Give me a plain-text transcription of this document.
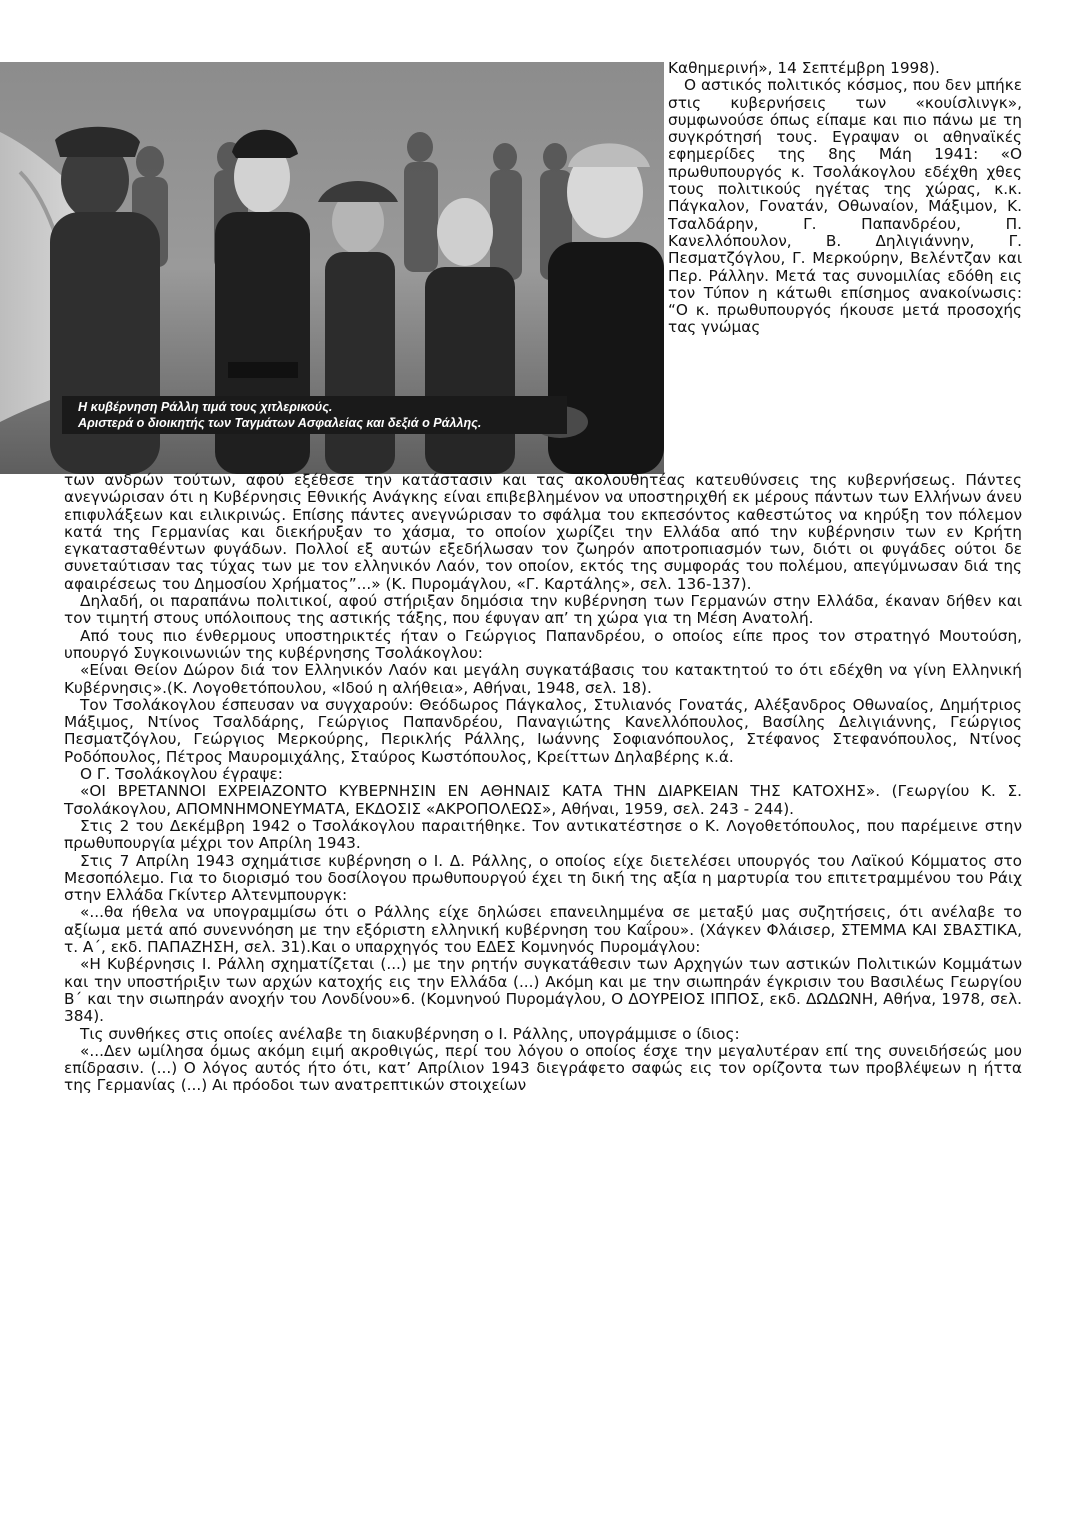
Η κυβέρνηση Ράλλη τιμά τους χιτλερικούς.
Αριστερά ο διοικητής των Ταγμάτων Ασφαλείας και δεξιά ο Ράλλης.

Καθημερινή», 14 Σεπτέμβρη 1998).

Ο αστικός πολιτικός κόσμος, που δεν μπήκε στις κυβερνήσεις των «κουίσλινγκ», συμφωνούσε όπως είπαμε και πιο πάνω με τη συγκρότησή τους. Εγραψαν οι αθηναϊκές εφημερίδες της 8ης Μάη 1941: «Ο πρωθυπουργός κ. Τσολάκογλου εδέχθη χθες τους πολιτικούς ηγέτας της χώρας, κ.κ. Πάγκαλον, Γονατάν, Οθωναίον, Μάξιμον, Κ. Τσαλδάρην, Γ. Παπανδρέου, Π. Κανελλόπουλον, Β. Δηλιγιάννην, Γ. Πεσματζόγλου, Γ. Μερκούρην, Βελέντζαν και Περ. Ράλλην. Μετά τας συνομιλίας εδόθη εις τον Τύπον η κάτωθι επίσημος ανακοίνωσις: “Ο κ. πρωθυπουργός ήκουσε μετά προσοχής τας γνώμας

των ανδρών τούτων, αφού εξέθεσε την κατάστασιν και τας ακολουθητέας κατευθύνσεις της κυβερνήσεως. Πάντες ανεγνώρισαν ότι η Κυβέρνησις Εθνικής Ανάγκης είναι επιβεβλημένον να υποστηριχθή εκ μέρους πάντων των Ελλήνων άνευ επιφυλάξεων και ειλικρινώς. Επίσης πάντες ανεγνώρισαν το σφάλμα του εκπεσόντος καθεστώτος να κηρύξη τον πόλεμον κατά της Γερμανίας και διεκήρυξαν το χάσμα, το οποίον χωρίζει την Ελλάδα από την κυβέρνησιν των εν Κρήτη εγκατασταθέντων φυγάδων. Πολλοί εξ αυτών εξεδήλωσαν τον ζωηρόν αποτροπιασμόν των, διότι οι φυγάδες ούτοι δε συνεταύτισαν τας τύχας των με τον ελληνικόν Λαόν, τον οποίον, εκτός της συμφοράς του πολέμου, απεγύμνωσαν διά της αφαιρέσεως του Δημοσίου Χρήματος”...» (Κ. Πυρομάγλου, «Γ. Καρτάλης», σελ. 136-137).

Δηλαδή, οι παραπάνω πολιτικοί, αφού στήριξαν δημόσια την κυβέρνηση των Γερμανών στην Ελλάδα, έκαναν δήθεν και τον τιμητή στους υπόλοιπους της αστικής τάξης, που έφυγαν απ’ τη χώρα για τη Μέση Ανατολή.

Από τους πιο ένθερμους υποστηρικτές ήταν ο Γεώργιος Παπανδρέου, ο οποίος είπε προς τον στρατηγό Μουτούση, υπουργό Συγκοινωνιών της κυβέρνησης Τσολάκογλου:

«Είναι Θείον Δώρον διά τον Ελληνικόν Λαόν και μεγάλη συγκατάβασις του κατακτητού το ότι εδέχθη να γίνη Ελληνική Κυβέρνησις».(Κ. Λογοθετόπουλου, «Ιδού η αλήθεια», Αθήναι, 1948, σελ. 18).

Τον Τσολάκογλου έσπευσαν να συγχαρούν: Θεόδωρος Πάγκαλος, Στυλιανός Γονατάς, Αλέξανδρος Οθωναίος, Δημήτριος Μάξιμος, Ντίνος Τσαλδάρης, Γεώργιος Παπανδρέου, Παναγιώτης Κανελλόπουλος, Βασίλης Δελιγιάννης, Γεώργιος Πεσματζόγλου, Γεώργιος Μερκούρης, Περικλής Ράλλης, Ιωάννης Σοφιανόπουλος, Στέφανος Στεφανόπουλος, Ντίνος Ροδόπουλος, Πέτρος Μαυρομιχάλης, Σταύρος Κωστόπουλος, Κρείττων Δηλαβέρης κ.ά.

Ο Γ. Τσολάκογλου έγραψε:

«ΟΙ ΒΡΕΤΑΝΝΟΙ ΕΧΡΕΙΑΖΟΝΤΟ ΚΥΒΕΡΝΗΣΙΝ ΕΝ ΑΘΗΝΑΙΣ ΚΑΤΑ ΤΗΝ ΔΙΑΡΚΕΙΑΝ ΤΗΣ ΚΑΤΟΧΗΣ». (Γεωργίου Κ. Σ. Τσολάκογλου, ΑΠΟΜΝΗΜΟΝΕΥΜΑΤΑ, ΕΚΔΟΣΙΣ «ΑΚΡΟΠΟΛΕΩΣ», Αθήναι, 1959, σελ. 243 - 244).

Στις 2 του Δεκέμβρη 1942 ο Τσολάκογλου παραιτήθηκε. Τον αντικατέστησε ο Κ. Λογοθετόπουλος, που παρέμεινε στην πρωθυπουργία μέχρι τον Απρίλη 1943.

Στις 7 Απρίλη 1943 σχημάτισε κυβέρνηση ο Ι. Δ. Ράλλης, ο οποίος είχε διετελέσει υπουργός του Λαϊκού Κόμματος στο Μεσοπόλεμο. Για το διορισμό του δοσίλογου πρωθυπουργού έχει τη δική της αξία η μαρτυρία του επιτετραμμένου του Ράιχ στην Ελλάδα Γκίντερ Αλτενμπουργκ:

«...θα ήθελα να υπογραμμίσω ότι ο Ράλλης είχε δηλώσει επανειλημμένα σε μεταξύ μας συζητήσεις, ότι ανέλαβε το αξίωμα μετά από συνεννόηση με την εξόριστη ελληνική κυβέρνηση του Καΐρου». (Χάγκεν Φλάισερ, ΣΤΕΜΜΑ ΚΑΙ ΣΒΑΣΤΙΚΑ, τ. Α΄, εκδ. ΠΑΠΑΖΗΣΗ, σελ. 31).Και ο υπαρχηγός του ΕΔΕΣ Κομνηνός Πυρομάγλου:

«Η Κυβέρνησις Ι. Ράλλη σχηματίζεται (...) με την ρητήν συγκατάθεσιν των Αρχηγών των αστικών Πολιτικών Κομμάτων και την υποστήριξιν των αρχών κατοχής εις την Ελλάδα (...) Ακόμη και με την σιωπηράν έγκρισιν του Βασιλέως Γεωργίου Β΄ και την σιωπηράν ανοχήν του Λονδίνου»6. (Κομνηνού Πυρομάγλου, Ο ΔΟΥΡΕΙΟΣ ΙΠΠΟΣ, εκδ. ΔΩΔΩΝΗ, Αθήνα, 1978, σελ. 384).

Τις συνθήκες στις οποίες ανέλαβε τη διακυβέρνηση ο Ι. Ράλλης, υπογράμμισε ο ίδιος:

«...Δεν ωμίλησα όμως ακόμη ειμή ακροθιγώς, περί του λόγου ο οποίος έσχε την μεγαλυτέραν επί της συνειδήσεώς μου επίδρασιν. (...) Ο λόγος αυτός ήτο ότι, κατ’ Απρίλιον 1943 διεγράφετο σαφώς εις τον ορίζοντα των προβλέψεων η ήττα της Γερμανίας (...) Αι πρόοδοι των ανατρεπτικών στοιχείων
